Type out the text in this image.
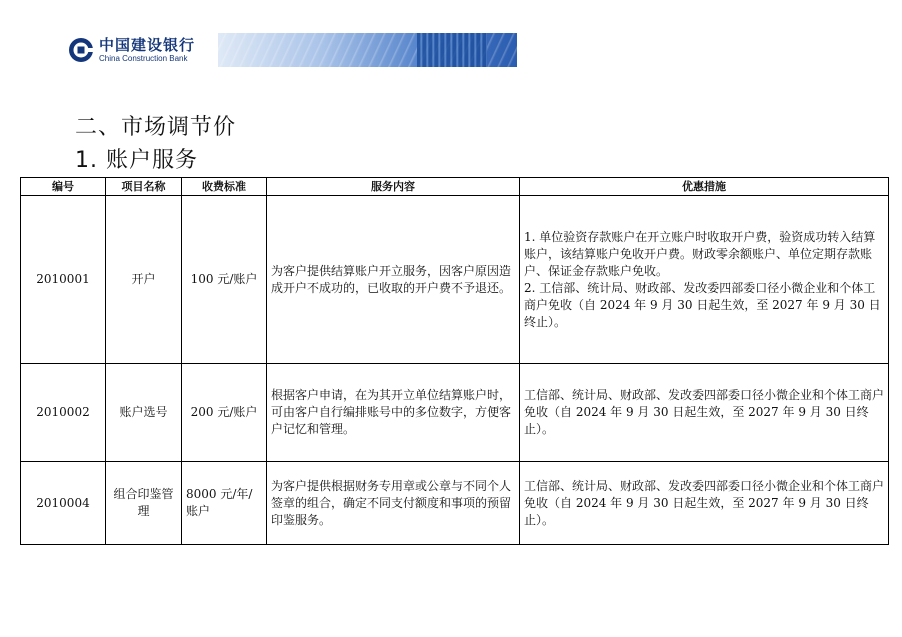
中国建设银行
China Construction Bank
二、市场调节价
1. 账户服务
编号	项目名称	收费标准	服务内容	优惠措施
2010001	开户	100 元/账户	为客户提供结算账户开立服务，因客户原因造成开户不成功的，已收取的开户费不予退还。	1. 单位验资存款账户在开立账户时收取开户费，验资成功转入结算账户，该结算账户免收开户费。财政零余额账户、单位定期存款账户、保证金存款账户免收。
2. 工信部、统计局、财政部、发改委四部委口径小微企业和个体工商户免收（自 2024 年 9 月 30 日起生效，至 2027 年 9 月 30 日终止）。
2010002	账户选号	200 元/账户	根据客户申请，在为其开立单位结算账户时，可由客户自行编排账号中的多位数字，方便客户记忆和管理。	工信部、统计局、财政部、发改委四部委口径小微企业和个体工商户免收（自 2024 年 9 月 30 日起生效，至 2027 年 9 月 30 日终止）。
2010004	组合印鉴管理	8000 元/年/账户	为客户提供根据财务专用章或公章与不同个人签章的组合，确定不同支付额度和事项的预留印鉴服务。	工信部、统计局、财政部、发改委四部委口径小微企业和个体工商户免收（自 2024 年 9 月 30 日起生效，至 2027 年 9 月 30 日终止）。
